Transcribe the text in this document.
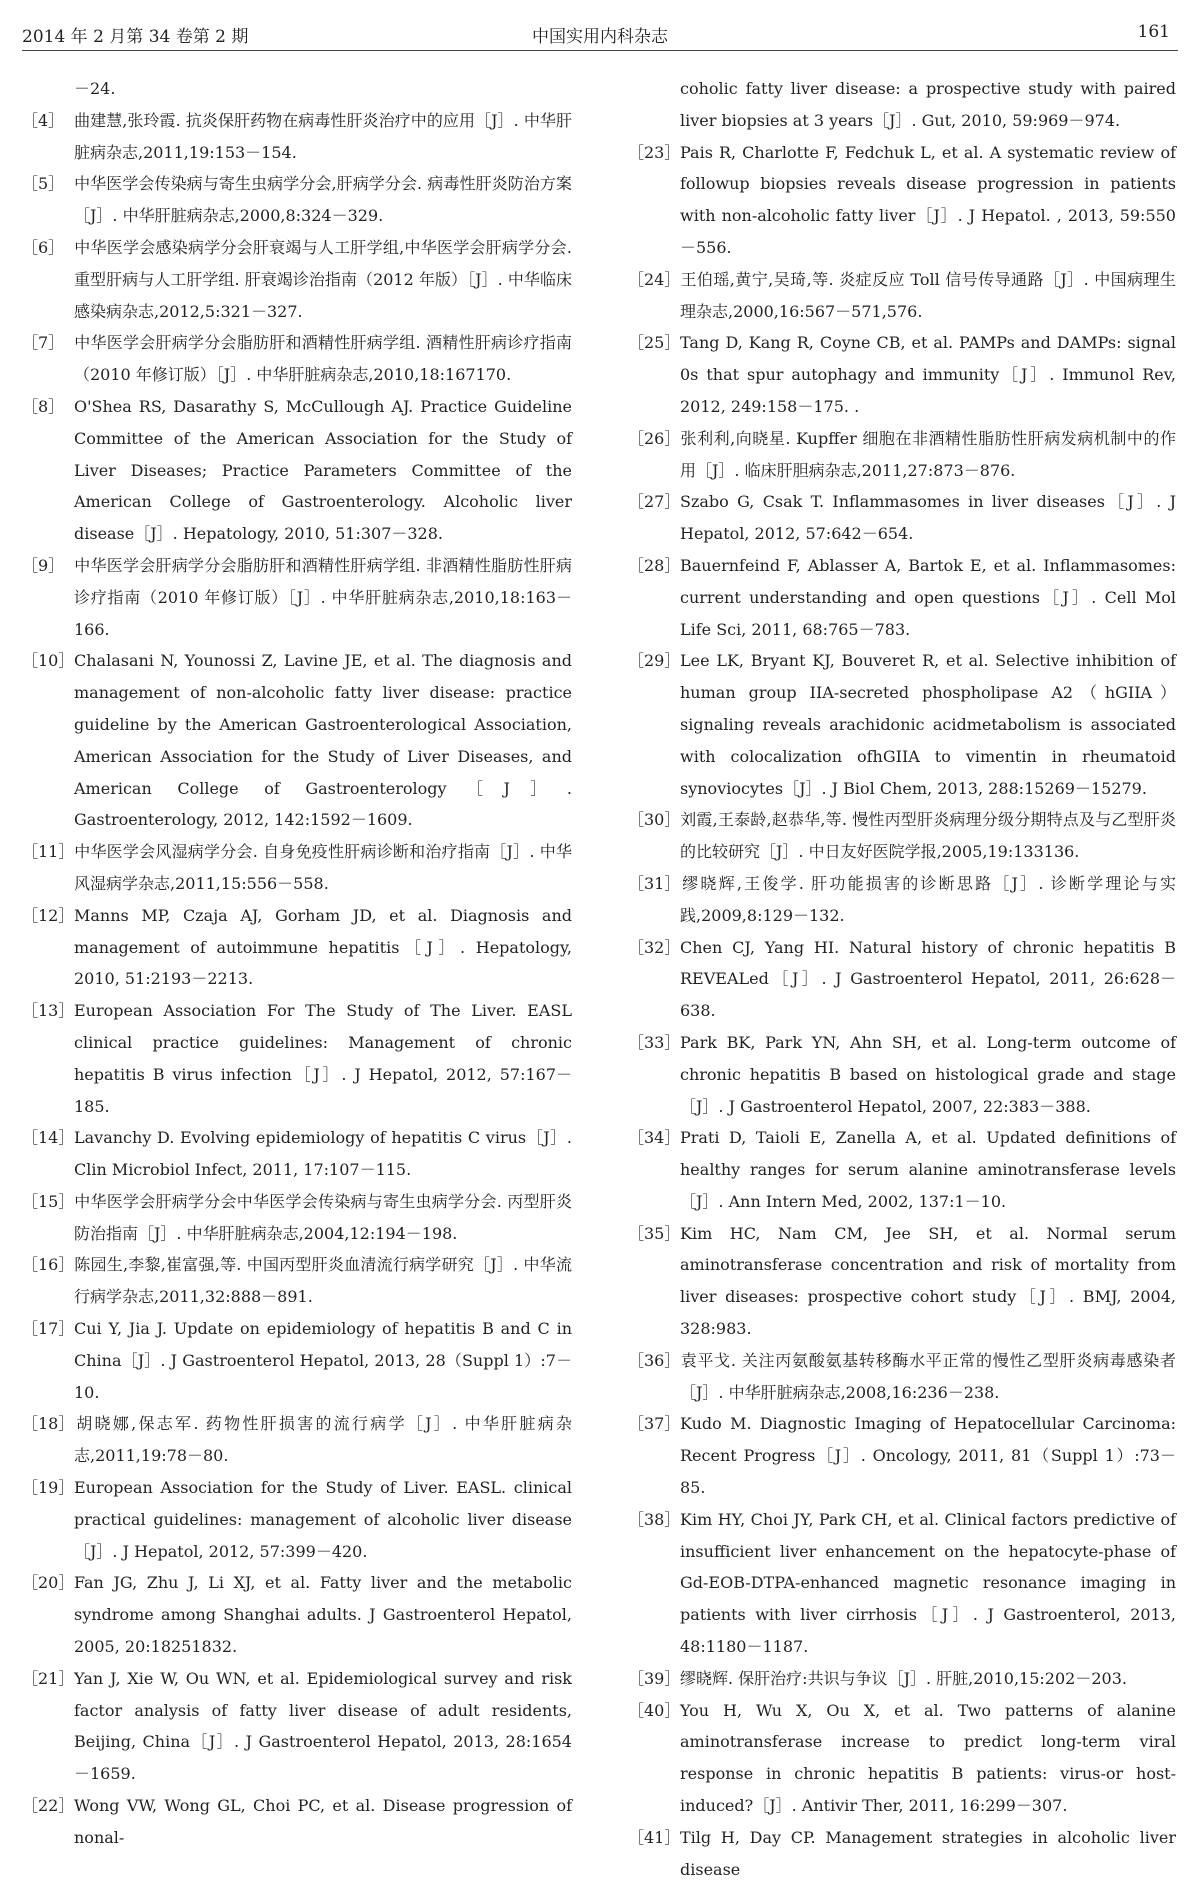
2014 年 2 月第 34 卷第 2 期	中国实用内科杂志	161

－24.

［4］ 曲建慧,张玲霞. 抗炎保肝药物在病毒性肝炎治疗中的应用［J］. 中华肝脏病杂志,2011,19:153－154.

［5］ 中华医学会传染病与寄生虫病学分会,肝病学分会. 病毒性肝炎防治方案［J］. 中华肝脏病杂志,2000,8:324－329.

［6］ 中华医学会感染病学分会肝衰竭与人工肝学组,中华医学会肝病学分会. 重型肝病与人工肝学组. 肝衰竭诊治指南（2012 年版）［J］. 中华临床感染病杂志,2012,5:321－327.

［7］ 中华医学会肝病学分会脂肪肝和酒精性肝病学组. 酒精性肝病诊疗指南（2010 年修订版）［J］. 中华肝脏病杂志,2010,18:167170.

［8］ O'Shea RS, Dasarathy S, McCullough AJ. Practice Guideline Committee of the American Association for the Study of Liver Diseases; Practice Parameters Committee of the American College of Gastroenterology. Alcoholic liver disease［J］. Hepatology, 2010, 51:307－328.

［9］ 中华医学会肝病学分会脂肪肝和酒精性肝病学组. 非酒精性脂肪性肝病诊疗指南（2010 年修订版）［J］. 中华肝脏病杂志,2010,18:163－166.

［10］Chalasani N, Younossi Z, Lavine JE, et al. The diagnosis and management of non-alcoholic fatty liver disease: practice guideline by the American Gastroenterological Association, American Association for the Study of Liver Diseases, and American College of Gastroenterology［J］. Gastroenterology, 2012, 142:1592－1609.

［11］中华医学会风湿病学分会. 自身免疫性肝病诊断和治疗指南［J］. 中华风湿病学杂志,2011,15:556－558.

［12］Manns MP, Czaja AJ, Gorham JD, et al. Diagnosis and management of autoimmune hepatitis［J］. Hepatology, 2010, 51:2193－2213.

［13］European Association For The Study of The Liver. EASL clinical practice guidelines: Management of chronic hepatitis B virus infection［J］. J Hepatol, 2012, 57:167－185.

［14］Lavanchy D. Evolving epidemiology of hepatitis C virus［J］. Clin Microbiol Infect, 2011, 17:107－115.

［15］中华医学会肝病学分会中华医学会传染病与寄生虫病学分会. 丙型肝炎防治指南［J］. 中华肝脏病杂志,2004,12:194－198.

［16］陈园生,李黎,崔富强,等. 中国丙型肝炎血清流行病学研究［J］. 中华流行病学杂志,2011,32:888－891.

［17］Cui Y, Jia J. Update on epidemiology of hepatitis B and C in China［J］. J Gastroenterol Hepatol, 2013, 28（Suppl 1）:7－10.

［18］胡晓娜,保志军. 药物性肝损害的流行病学［J］. 中华肝脏病杂志,2011,19:78－80.

［19］European Association for the Study of Liver. EASL. clinical practical guidelines: management of alcoholic liver disease［J］. J Hepatol, 2012, 57:399－420.

［20］Fan JG, Zhu J, Li XJ, et al. Fatty liver and the metabolic syndrome among Shanghai adults. J Gastroenterol Hepatol, 2005, 20:18251832.

［21］Yan J, Xie W, Ou WN, et al. Epidemiological survey and risk factor analysis of fatty liver disease of adult residents, Beijing, China［J］. J Gastroenterol Hepatol, 2013, 28:1654－1659.

［22］Wong VW, Wong GL, Choi PC, et al. Disease progression of nonal-

coholic fatty liver disease: a prospective study with paired liver biopsies at 3 years［J］. Gut, 2010, 59:969－974.

［23］Pais R, Charlotte F, Fedchuk L, et al. A systematic review of followup biopsies reveals disease progression in patients with non-alcoholic fatty liver［J］. J Hepatol. , 2013, 59:550－556.

［24］王伯瑶,黄宁,吴琦,等. 炎症反应 Toll 信号传导通路［J］. 中国病理生理杂志,2000,16:567－571,576.

［25］Tang D, Kang R, Coyne CB, et al. PAMPs and DAMPs: signal 0s that spur autophagy and immunity［J］. Immunol Rev, 2012, 249:158－175. .

［26］张利利,向晓星. Kupffer 细胞在非酒精性脂肪性肝病发病机制中的作用［J］. 临床肝胆病杂志,2011,27:873－876.

［27］Szabo G, Csak T. Inflammasomes in liver diseases［J］. J Hepatol, 2012, 57:642－654.

［28］Bauernfeind F, Ablasser A, Bartok E, et al. Inflammasomes: current understanding and open questions［J］. Cell Mol Life Sci, 2011, 68:765－783.

［29］Lee LK, Bryant KJ, Bouveret R, et al. Selective inhibition of human group IIA-secreted phospholipase A2（hGIIA）signaling reveals arachidonic acidmetabolism is associated with colocalization ofhGIIA to vimentin in rheumatoid synoviocytes［J］. J Biol Chem, 2013, 288:15269－15279.

［30］刘霞,王泰龄,赵恭华,等. 慢性丙型肝炎病理分级分期特点及与乙型肝炎的比较研究［J］. 中日友好医院学报,2005,19:133136.

［31］缪晓辉,王俊学. 肝功能损害的诊断思路［J］. 诊断学理论与实践,2009,8:129－132.

［32］Chen CJ, Yang HI. Natural history of chronic hepatitis B REVEALed［J］. J Gastroenterol Hepatol, 2011, 26:628－638.

［33］Park BK, Park YN, Ahn SH, et al. Long-term outcome of chronic hepatitis B based on histological grade and stage［J］. J Gastroenterol Hepatol, 2007, 22:383－388.

［34］Prati D, Taioli E, Zanella A, et al. Updated definitions of healthy ranges for serum alanine aminotransferase levels［J］. Ann Intern Med, 2002, 137:1－10.

［35］Kim HC, Nam CM, Jee SH, et al. Normal serum aminotransferase concentration and risk of mortality from liver diseases: prospective cohort study［J］. BMJ, 2004, 328:983.

［36］袁平戈. 关注丙氨酸氨基转移酶水平正常的慢性乙型肝炎病毒感染者［J］. 中华肝脏病杂志,2008,16:236－238.

［37］Kudo M. Diagnostic Imaging of Hepatocellular Carcinoma: Recent Progress［J］. Oncology, 2011, 81（Suppl 1）:73－85.

［38］Kim HY, Choi JY, Park CH, et al. Clinical factors predictive of insufficient liver enhancement on the hepatocyte-phase of Gd-EOB-DTPA-enhanced magnetic resonance imaging in patients with liver cirrhosis［J］. J Gastroenterol, 2013, 48:1180－1187.

［39］缪晓辉. 保肝治疗:共识与争议［J］. 肝脏,2010,15:202－203.

［40］You H, Wu X, Ou X, et al. Two patterns of alanine aminotransferase increase to predict long-term viral response in chronic hepatitis B patients: virus-or host-induced?［J］. Antivir Ther, 2011, 16:299－307.

［41］Tilg H, Day CP. Management strategies in alcoholic liver disease
